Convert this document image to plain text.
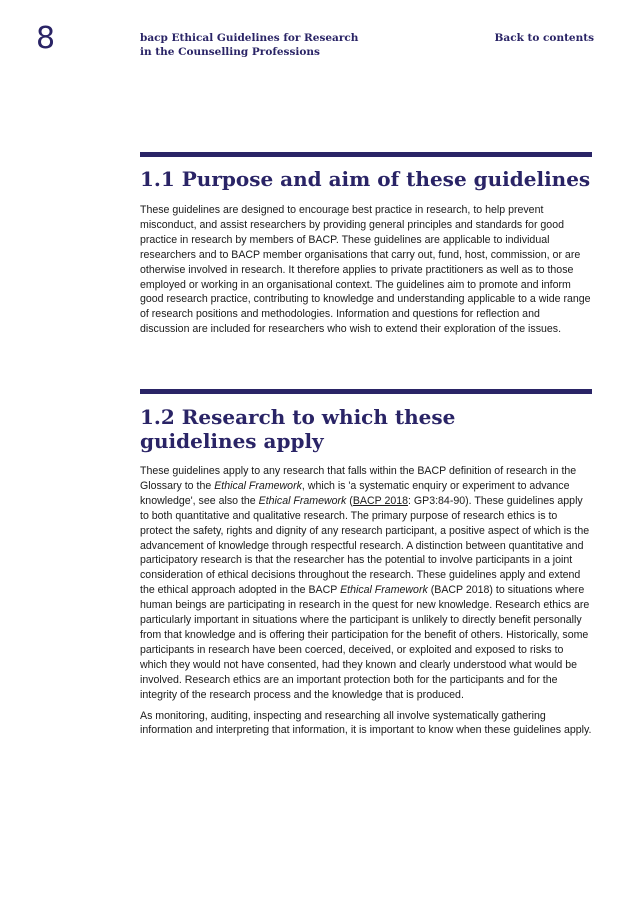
8	bacp Ethical Guidelines for Research
in the Counselling Professions
Back to contents
1.1 Purpose and aim of these guidelines

These guidelines are designed to encourage best practice in research, to help prevent misconduct, and assist researchers by providing general principles and standards for good practice in research by members of BACP. These guidelines are applicable to individual researchers and to BACP member organisations that carry out, fund, host, commission, or are otherwise involved in research. It therefore applies to private practitioners as well as to those employed or working in an organisational context. The guidelines aim to promote and inform good research practice, contributing to knowledge and understanding applicable to a wide range of research positions and methodologies. Information and questions for reflection and discussion are included for researchers who wish to extend their exploration of the issues.

1.2 Research to which these
guidelines apply

These guidelines apply to any research that falls within the BACP definition of research in the Glossary to the Ethical Framework, which is 'a systematic enquiry or experiment to advance knowledge', see also the Ethical Framework (BACP 2018: GP3:84-90). These guidelines apply to both quantitative and qualitative research. The primary purpose of research ethics is to protect the safety, rights and dignity of any research participant, a positive aspect of which is the advancement of knowledge through respectful research. A distinction between quantitative and participatory research is that the researcher has the potential to involve participants in a joint consideration of ethical decisions throughout the research. These guidelines apply and extend the ethical approach adopted in the BACP Ethical Framework (BACP 2018) to situations where human beings are participating in research in the quest for new knowledge. Research ethics are particularly important in situations where the participant is unlikely to directly benefit personally from that knowledge and is offering their participation for the benefit of others. Historically, some participants in research have been coerced, deceived, or exploited and exposed to risks to which they would not have consented, had they known and clearly understood what would be involved. Research ethics are an important protection both for the participants and for the integrity of the research process and the knowledge that is produced.

As monitoring, auditing, inspecting and researching all involve systematically gathering information and interpreting that information, it is important to know when these guidelines apply.
